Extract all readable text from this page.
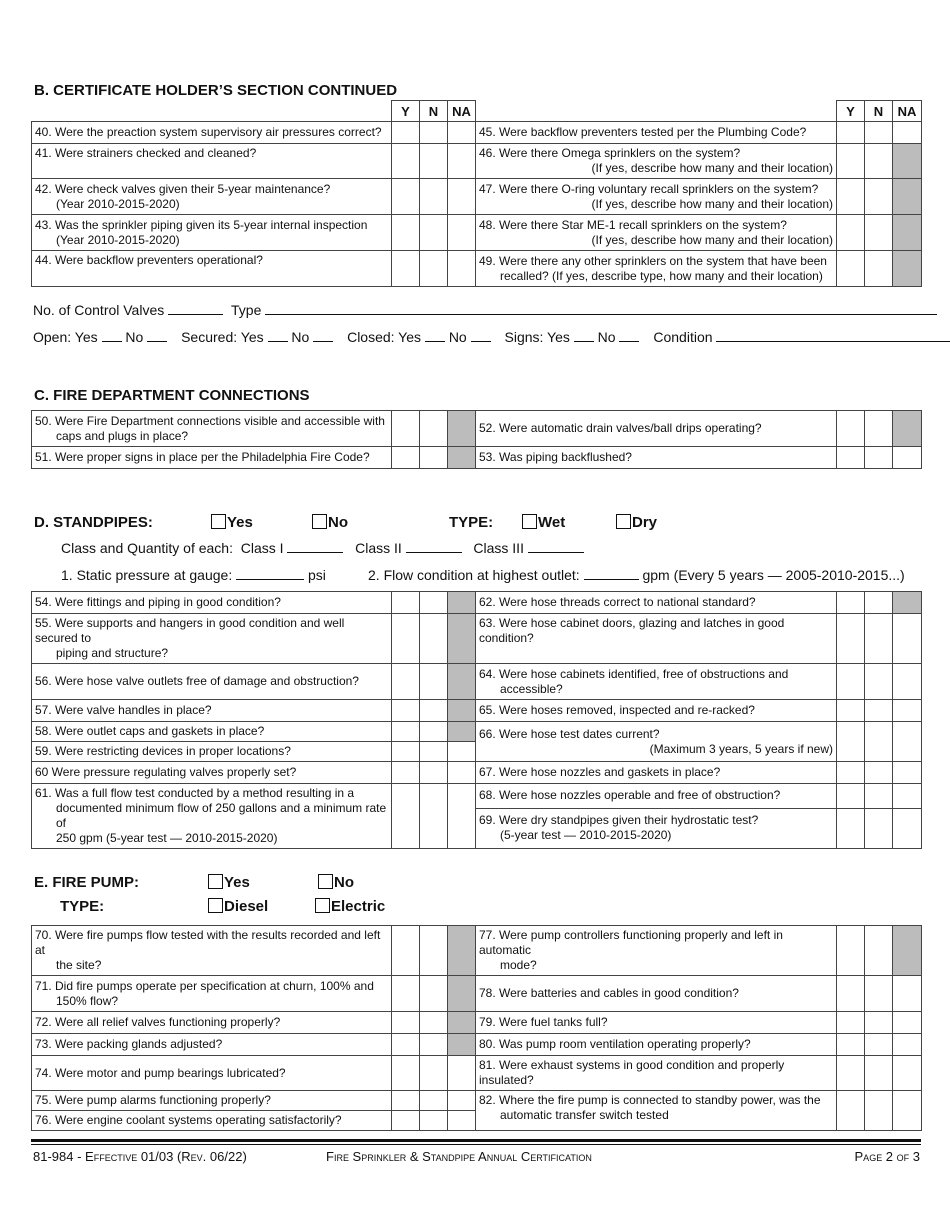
B. CERTIFICATE HOLDER’S SECTION CONTINUED
	Y	N	NA		Y	N	NA
40. Were the preaction system supervisory air pressures correct?				45. Were backflow preventers tested per the Plumbing Code?			
41. Were strainers checked and cleaned?				46. Were there Omega sprinklers on the system?
(If yes, describe how many and their location)			

42. Were check valves given their 5-year maintenance?
(Year 2010-2015-2020)				47. Were there O-ring voluntary recall sprinklers on the system?
(If yes, describe how many and their location)			

43. Was the sprinkler piping given its 5-year internal inspection
(Year 2010-2015-2020)				48. Were there Star ME-1 recall sprinklers on the system?
(If yes, describe how many and their location)			

44. Were backflow preventers operational?				49. Were there any other sprinklers on the system that have been
recalled? (If yes, describe type, how many and their location)			

No. of Control Valves	Type
Open: Yes No	Secured: Yes No	Closed: Yes No	Signs: Yes No	Condition
C. FIRE DEPARTMENT CONNECTIONS
50. Were Fire Department connections visible and accessible with
caps and plugs in place?				52. Were automatic drain valves/ball drips operating?			
51. Were proper signs in place per the Philadelphia Fire Code?				53. Was piping backflushed?			
D. STANDPIPES:	Yes	No	TYPE:	Wet	Dry
Class and Quantity of each: Class I	Class II	Class III
1. Static pressure at gauge:	psi	2. Flow condition at highest outlet:	gpm (Every 5 years — 2005-2010-2015...)
54. Were fittings and piping in good condition?				62. Were hose threads correct to national standard?			
55. Were supports and hangers in good condition and well secured to
piping and structure?				63. Were hose cabinet doors, glazing and latches in good condition?			
56. Were hose valve outlets free of damage and obstruction?				64. Were hose cabinets identified, free of obstructions and
accessible?			

57. Were valve handles in place?				65. Were hoses removed, inspected and re-racked?			
58. Were outlet caps and gaskets in place?				66. Were hose test dates current?
(Maximum 3 years, 5 years if new)			

59. Were restricting devices in proper locations?							
60 Were pressure regulating valves properly set?				67. Were hose nozzles and gaskets in place?			
61. Was a full flow test conducted by a method resulting in a
documented minimum flow of 250 gallons and a minimum rate of
250 gpm (5-year test — 2010-2015-2020)				68. Were hose nozzles operable and free of obstruction?			
				69. Were dry standpipes given their hydrostatic test?
(5-year test — 2010-2015-2020)			

E. FIRE PUMP:	Yes	No
TYPE:	Diesel	Electric
70. Were fire pumps flow tested with the results recorded and left at
the site?				77. Were pump controllers functioning properly and left in automatic
mode?			

71. Did fire pumps operate per specification at churn, 100% and
150% flow?				78. Were batteries and cables in good condition?			
72. Were all relief valves functioning properly?				79. Were fuel tanks full?			
73. Were packing glands adjusted?				80. Was pump room ventilation operating properly?			
74. Were motor and pump bearings lubricated?				81. Were exhaust systems in good condition and properly insulated?			
75. Were pump alarms functioning properly?				82. Where the fire pump is connected to standby power, was the
automatic transfer switch tested			

76. Were engine coolant systems operating satisfactorily?							
81-984 - Effective 01/03 (Rev. 06/22)	Fire Sprinkler & Standpipe Annual Certification	Page 2 of 3
